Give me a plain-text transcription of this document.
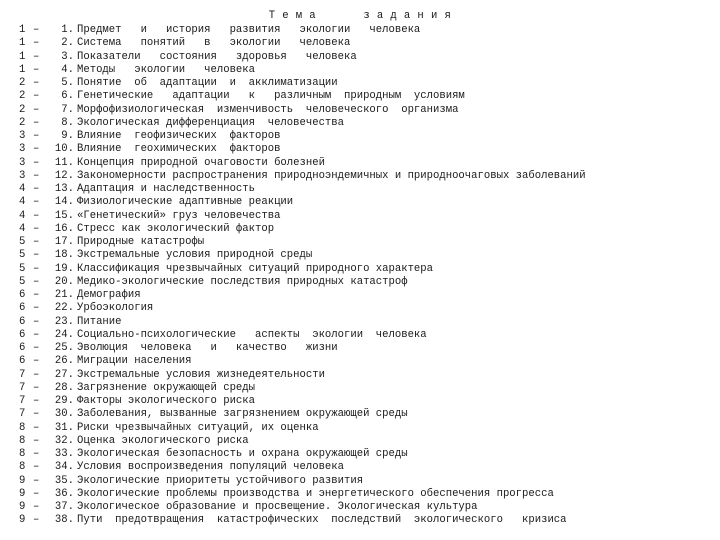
Т е м а       з а д а н и я
1 –	1. Предмет   и   история   развития   экологии   человека
1 –	2. Система   понятий   в   экологии   человека
1 –	3. Показатели   состояния   здоровья   человека
1 –	4. Методы   экологии   человека
2 –	5. Понятие  об  адаптации  и  акклиматизации
2 –	6. Генетические   адаптации   к   различным  природным  условиям
2 –	7. Морфофизиологическая  изменчивость  человеческого  организма
2 –	8. Экологическая дифференциация  человечества
3 –	9. Влияние  геофизических  факторов
3 –	10. Влияние  геохимических  факторов
3 –	11. Концепция природной очаговости болезней
3 –	12. Закономерности распространения природноэндемичных и природноочаговых заболеваний
4 –	13. Адаптация и наследственность
4 –	14. Физиологические адаптивные реакции
4 –	15. «Генетический» груз человечества
4 –	16. Стресс как экологический фактор
5 –	17. Природные катастрофы
5 –	18. Экстремальные условия природной среды
5 –	19. Классификация чрезвычайных ситуаций природного характера
5 –	20. Медико-экологические последствия природных катастроф
6 –	21. Демография
6 –	22. Урбоэкология
6 –	23. Питание
6 –	24. Социально-психологические   аспекты  экологии  человека
6 –	25. Эволюция  человека   и   качество   жизни
6 –	26. Миграции населения
7 –	27. Экстремальные условия жизнедеятельности
7 –	28. Загрязнение окружающей среды
7 –	29. Факторы экологического риска
7 –	30. Заболевания, вызванные загрязнением окружающей среды
8 –	31. Риски чрезвычайных ситуаций, их оценка
8 –	32. Оценка экологического риска
8 –	33. Экологическая безопасность и охрана окружающей среды
8 –	34. Условия воспроизведения популяций человека
9 –	35. Экологические приоритеты устойчивого развития
9 –	36. Экологические проблемы производства и энергетического обеспечения прогресса
9 –	37. Экологическое образование и просвещение. Экологическая культура
9 –	38. Пути  предотвращения  катастрофических  последствий  экологического   кризиса
